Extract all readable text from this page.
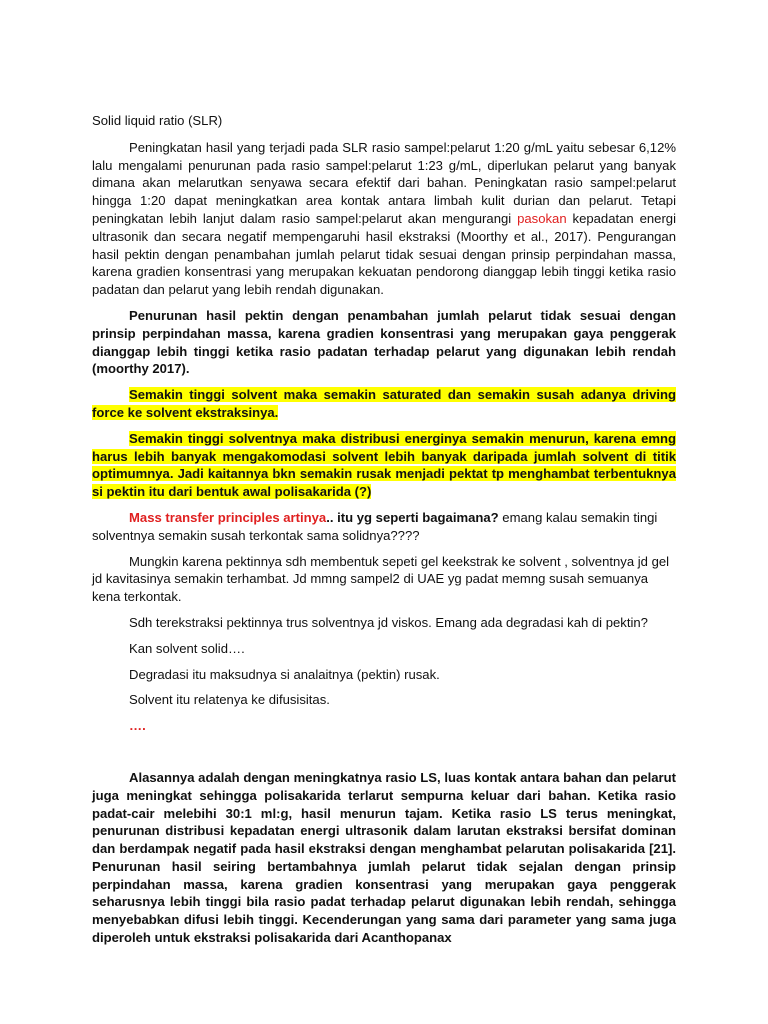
Solid liquid ratio (SLR)

Peningkatan hasil yang terjadi pada SLR rasio sampel:pelarut 1:20 g/mL yaitu sebesar 6,12% lalu mengalami penurunan pada rasio sampel:pelarut 1:23 g/mL, diperlukan pelarut yang banyak dimana akan melarutkan senyawa secara efektif dari bahan. Peningkatan rasio sampel:pelarut hingga 1:20 dapat meningkatkan area kontak antara limbah kulit durian dan pelarut. Tetapi peningkatan lebih lanjut dalam rasio sampel:pelarut akan mengurangi pasokan kepadatan energi ultrasonik dan secara negatif mempengaruhi hasil ekstraksi (Moorthy et al., 2017). Pengurangan hasil pektin dengan penambahan jumlah pelarut tidak sesuai dengan prinsip perpindahan massa, karena gradien konsentrasi yang merupakan kekuatan pendorong dianggap lebih tinggi ketika rasio padatan dan pelarut yang lebih rendah digunakan.

Penurunan hasil pektin dengan penambahan jumlah pelarut tidak sesuai dengan prinsip perpindahan massa, karena gradien konsentrasi yang merupakan gaya penggerak dianggap lebih tinggi ketika rasio padatan terhadap pelarut yang digunakan lebih rendah (moorthy 2017).

Semakin tinggi solvent maka semakin saturated dan semakin susah adanya driving force ke solvent ekstraksinya.

Semakin tinggi solventnya maka distribusi energinya semakin menurun, karena emng harus lebih banyak mengakomodasi solvent lebih banyak daripada jumlah solvent di titik optimumnya. Jadi kaitannya bkn semakin rusak menjadi pektat tp menghambat terbentuknya si pektin itu dari bentuk awal polisakarida (?)

Mass transfer principles artinya.. itu yg seperti bagaimana? emang kalau semakin tingi solventnya semakin susah terkontak sama solidnya????

Mungkin karena pektinnya sdh membentuk sepeti gel keekstrak ke solvent , solventnya jd gel jd kavitasinya semakin terhambat. Jd mmng sampel2 di UAE yg padat memng susah semuanya kena terkontak.

Sdh terekstraksi pektinnya trus solventnya jd viskos. Emang ada degradasi kah di pektin?

Kan solvent solid….

Degradasi itu maksudnya si analaitnya (pektin) rusak.

Solvent itu relatenya ke difusisitas.

….

Alasannya adalah dengan meningkatnya rasio LS, luas kontak antara bahan dan pelarut juga meningkat sehingga polisakarida terlarut sempurna keluar dari bahan. Ketika rasio padat-cair melebihi 30:1 ml:g, hasil menurun tajam. Ketika rasio LS terus meningkat, penurunan distribusi kepadatan energi ultrasonik dalam larutan ekstraksi bersifat dominan dan berdampak negatif pada hasil ekstraksi dengan menghambat pelarutan polisakarida [21]. Penurunan hasil seiring bertambahnya jumlah pelarut tidak sejalan dengan prinsip perpindahan massa, karena gradien konsentrasi yang merupakan gaya penggerak seharusnya lebih tinggi bila rasio padat terhadap pelarut digunakan lebih rendah, sehingga menyebabkan difusi lebih tinggi. Kecenderungan yang sama dari parameter yang sama juga diperoleh untuk ekstraksi polisakarida dari Acanthopanax
